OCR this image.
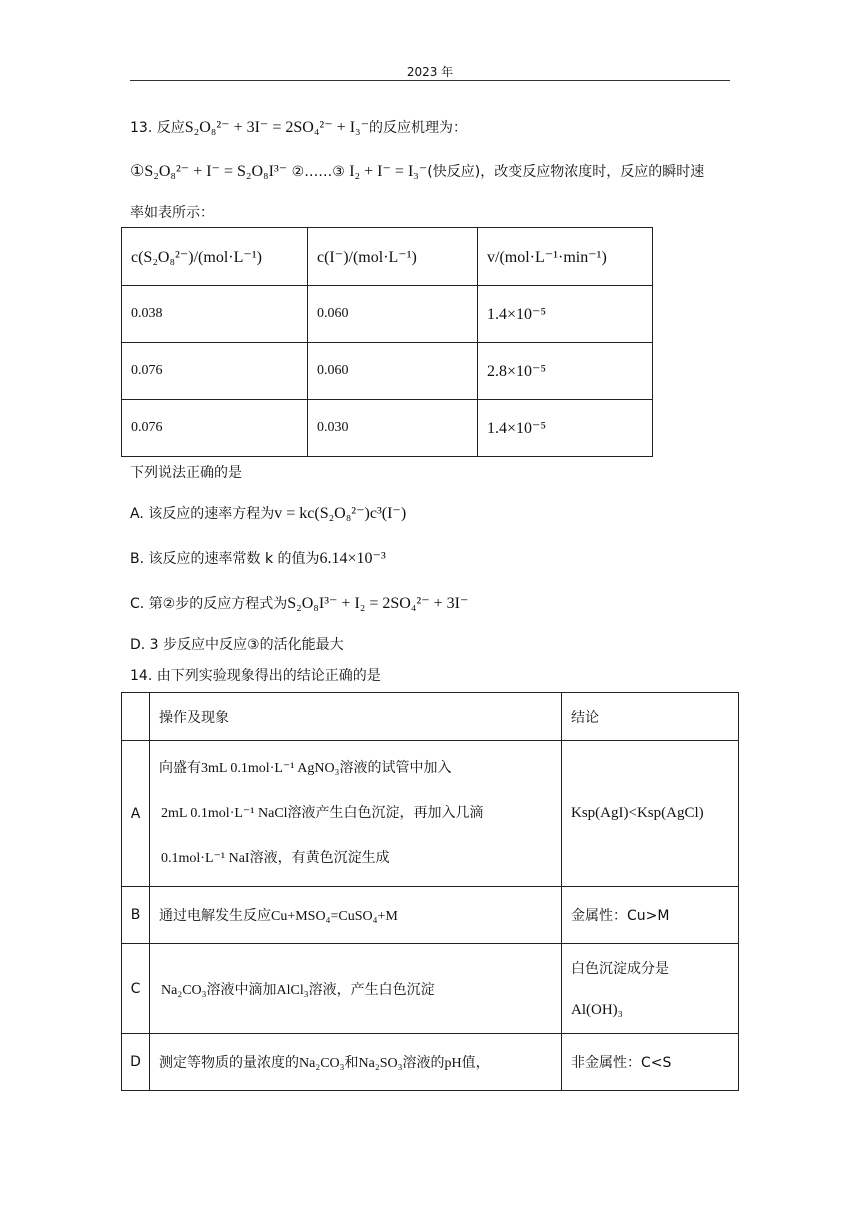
2023 年
13. 反应S₂O₈²⁻ + 3I⁻ = 2SO₄²⁻ + I₃⁻的反应机理为：
①S₂O₈²⁻ + I⁻ = S₂O₈I³⁻ ②……③ I₂ + I⁻ = I₃⁻(快反应)，改变反应物浓度时，反应的瞬时速
率如表所示：
c(S₂O₈²⁻)/(mol·L⁻¹)	c(I⁻)/(mol·L⁻¹)	v/(mol·L⁻¹·min⁻¹)
0.038	0.060	1.4×10⁻⁵
0.076	0.060	2.8×10⁻⁵
0.076	0.030	1.4×10⁻⁵
下列说法正确的是
A. 该反应的速率方程为v = kc(S₂O₈²⁻)c³(I⁻)
B. 该反应的速率常数 k 的值为6.14×10⁻³
C. 第②步的反应方程式为S₂O₈I³⁻ + I₂ = 2SO₄²⁻ + 3I⁻
D. 3 步反应中反应③的活化能最大
14. 由下列实验现象得出的结论正确的是
	操作及现象	结论
A	向盛有3mL 0.1mol·L⁻¹ AgNO₃溶液的试管中加入
2mL 0.1mol·L⁻¹ NaCl溶液产生白色沉淀，再加入几滴
0.1mol·L⁻¹ NaI溶液，有黄色沉淀生成	Ksp(AgI)<Ksp(AgCl)
B	通过电解发生反应Cu+MSO₄=CuSO₄+M	金属性：Cu>M
C	Na₂CO₃溶液中滴加AlCl₃溶液，产生白色沉淀	白色沉淀成分是
Al(OH)₃

D	测定等物质的量浓度的Na₂CO₃和Na₂SO₃溶液的pH值，	非金属性：C<S
